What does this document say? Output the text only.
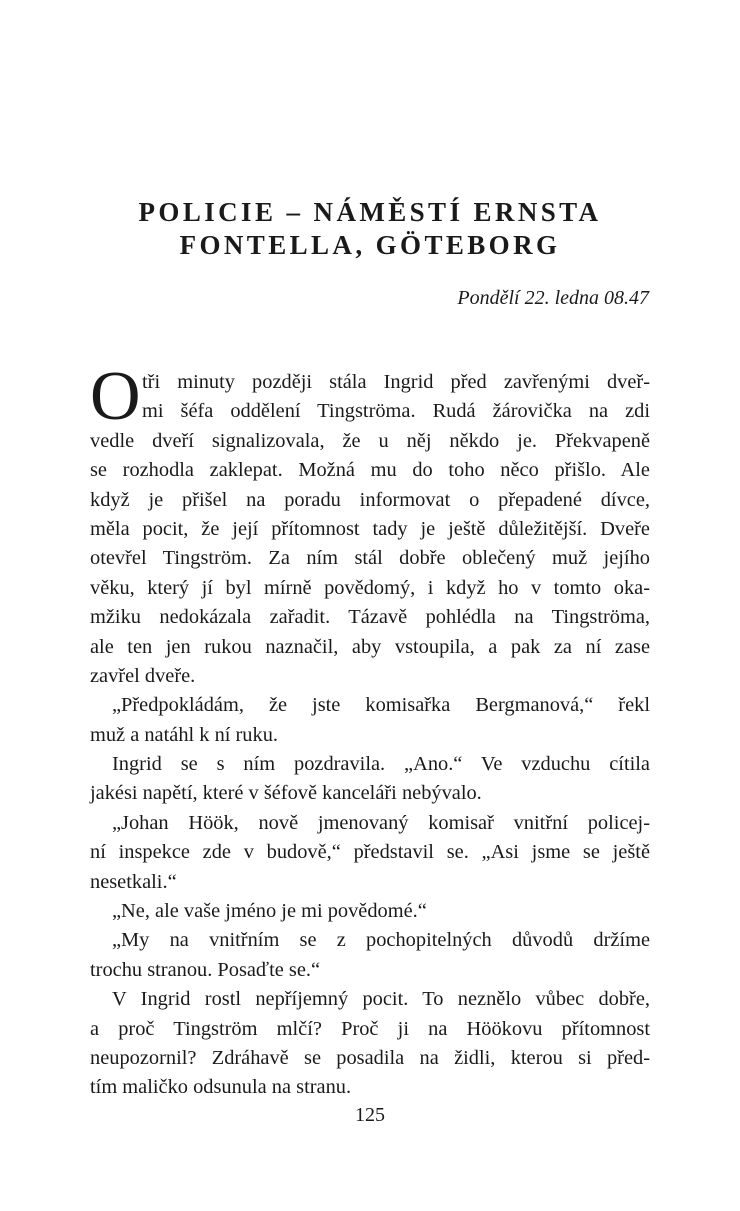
POLICIE – NÁMĚSTÍ ERNSTA
FONTELLA, GÖTEBORG

Pondělí 22. ledna 08.47

O tři minuty později stála Ingrid před zavřenými dveř-
mi šéfa oddělení Tingströma. Rudá žárovička na zdi
vedle dveří signalizovala, že u něj někdo je. Překvapeně
se rozhodla zaklepat. Možná mu do toho něco přišlo. Ale
když je přišel na poradu informovat o přepadené dívce,
měla pocit, že její přítomnost tady je ještě důležitější. Dveře
otevřel Tingström. Za ním stál dobře oblečený muž jejího
věku, který jí byl mírně povědomý, i když ho v tomto oka-
mžiku nedokázala zařadit. Tázavě pohlédla na Tingströma,
ale ten jen rukou naznačil, aby vstoupila, a pak za ní zase
zavřel dveře.
„Předpokládám, že jste komisařka Bergmanová,“ řekl
muž a natáhl k ní ruku.
Ingrid se s ním pozdravila. „Ano.“ Ve vzduchu cítila
jakési napětí, které v šéfově kanceláři nebývalo.
„Johan Höök, nově jmenovaný komisař vnitřní policej-
ní inspekce zde v budově,“ představil se. „Asi jsme se ještě
nesetkali.“
„Ne, ale vaše jméno je mi povědomé.“
„My na vnitřním se z pochopitelných důvodů držíme
trochu stranou. Posaďte se.“
V Ingrid rostl nepříjemný pocit. To neznělo vůbec dobře,
a proč Tingström mlčí? Proč ji na Höökovu přítomnost
neupozornil? Zdráhavě se posadila na židli, kterou si před-
tím maličko odsunula na stranu.

125
